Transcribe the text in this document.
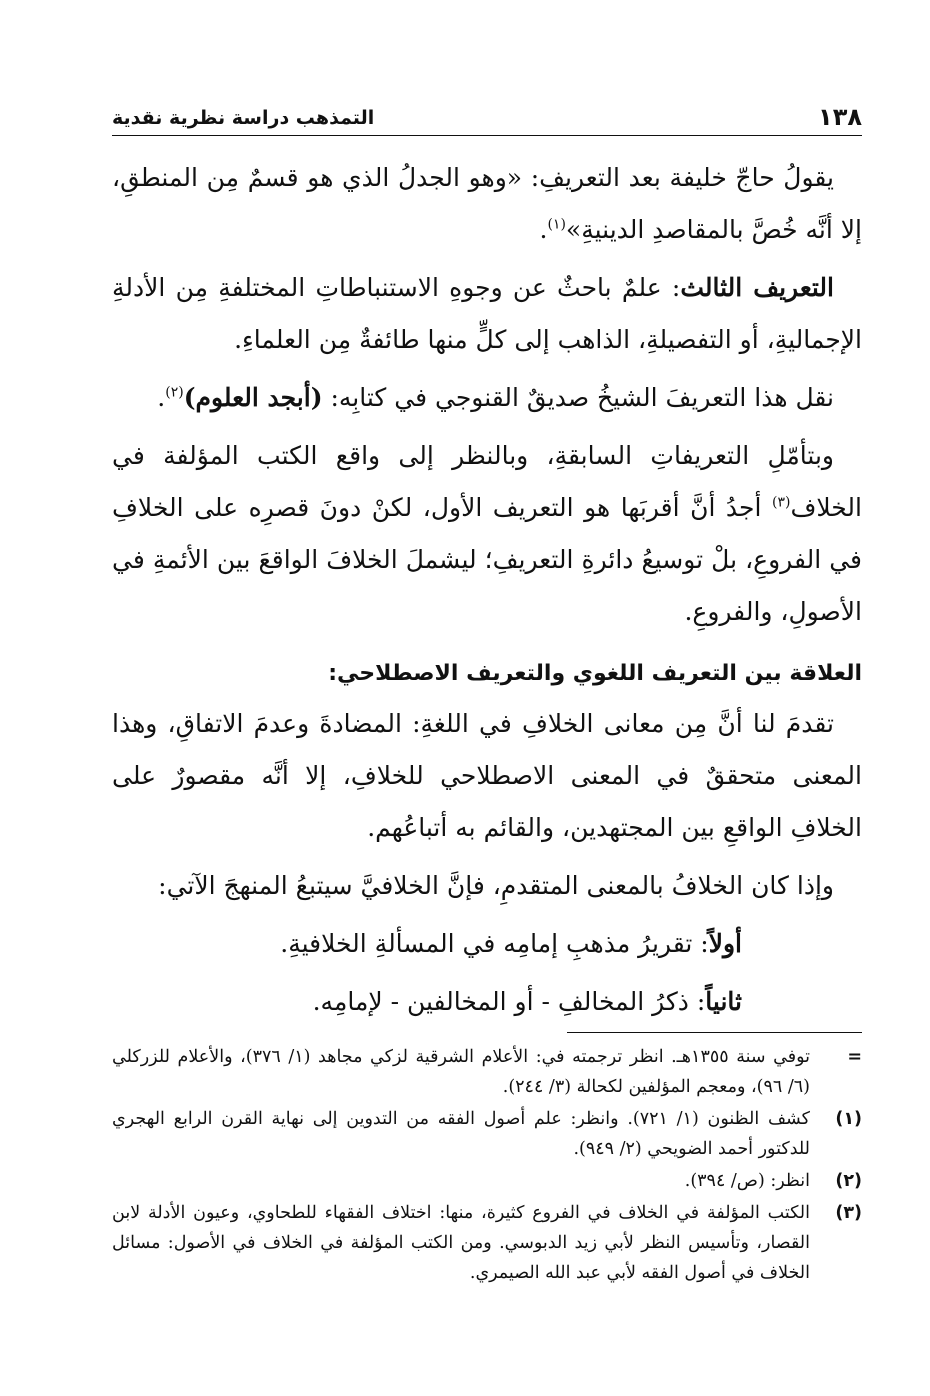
١٣٨
التمذهب دراسة نظرية نقدية

يقولُ حاجّ خليفة بعد التعريفِ: «وهو الجدلُ الذي هو قسمٌ مِن المنطقِ، إلا أنَّه خُصَّ بالمقاصدِ الدينيةِ»$^{(١)}$.

التعريف الثالث: علمٌ باحثٌ عن وجوهِ الاستنباطاتِ المختلفةِ مِن الأدلةِ الإجماليةِ، أو التفصيلةِ، الذاهب إلى كلٍّ منها طائفةٌ مِن العلماءِ.

نقل هذا التعريفَ الشيخُ صديقٌ القنوجي في كتابِه: (أبجد العلوم)$^{(٢)}$.

وبتأمّلِ التعريفاتِ السابقةِ، وبالنظر إلى واقع الكتب المؤلفة في الخلاف$^{(٣)}$ أجدُ أنَّ أقربَها هو التعريف الأول، لكنْ دونَ قصرِه على الخلافِ في الفروعِ، بلْ توسيعُ دائرةِ التعريفِ؛ ليشملَ الخلافَ الواقعَ بين الأئمةِ في الأصولِ، والفروعِ.

العلاقة بين التعريف اللغوي والتعريف الاصطلاحي:

تقدمَ لنا أنَّ مِن معانى الخلافِ في اللغةِ: المضادةَ وعدمَ الاتفاقِ، وهذا المعنى متحققٌ في المعنى الاصطلاحي للخلافِ، إلا أنَّه مقصورٌ على الخلافِ الواقعِ بين المجتهدين، والقائم به أتباعُهم.

وإذا كان الخلافُ بالمعنى المتقدمِ، فإنَّ الخلافيَّ سيتبعُ المنهجَ الآتي:

أولاً: تقريرُ مذهبِ إمامِه في المسألةِ الخلافيةِ.

ثانياً: ذكرُ المخالفِ - أو المخالفين - لإمامِه.

=
توفي سنة ١٣٥٥هـ. انظر ترجمته في: الأعلام الشرقية لزكي مجاهد (١/ ٣٧٦)، والأعلام للزركلي (٦/ ٩٦)، ومعجم المؤلفين لكحالة (٣/ ٢٤٤).
(١)
كشف الظنون (١/ ٧٢١). وانظر: علم أصول الفقه من التدوين إلى نهاية القرن الرابع الهجري للدكتور أحمد الضويحي (٢/ ٩٤٩).
(٢)
انظر: (ص/ ٣٩٤).
(٣)
الكتب المؤلفة في الخلاف في الفروع كثيرة، منها: اختلاف الفقهاء للطحاوي، وعيون الأدلة لابن القصار، وتأسيس النظر لأبي زيد الدبوسي. ومن الكتب المؤلفة في الخلاف في الأصول: مسائل الخلاف في أصول الفقه لأبي عبد الله الصيمري.
